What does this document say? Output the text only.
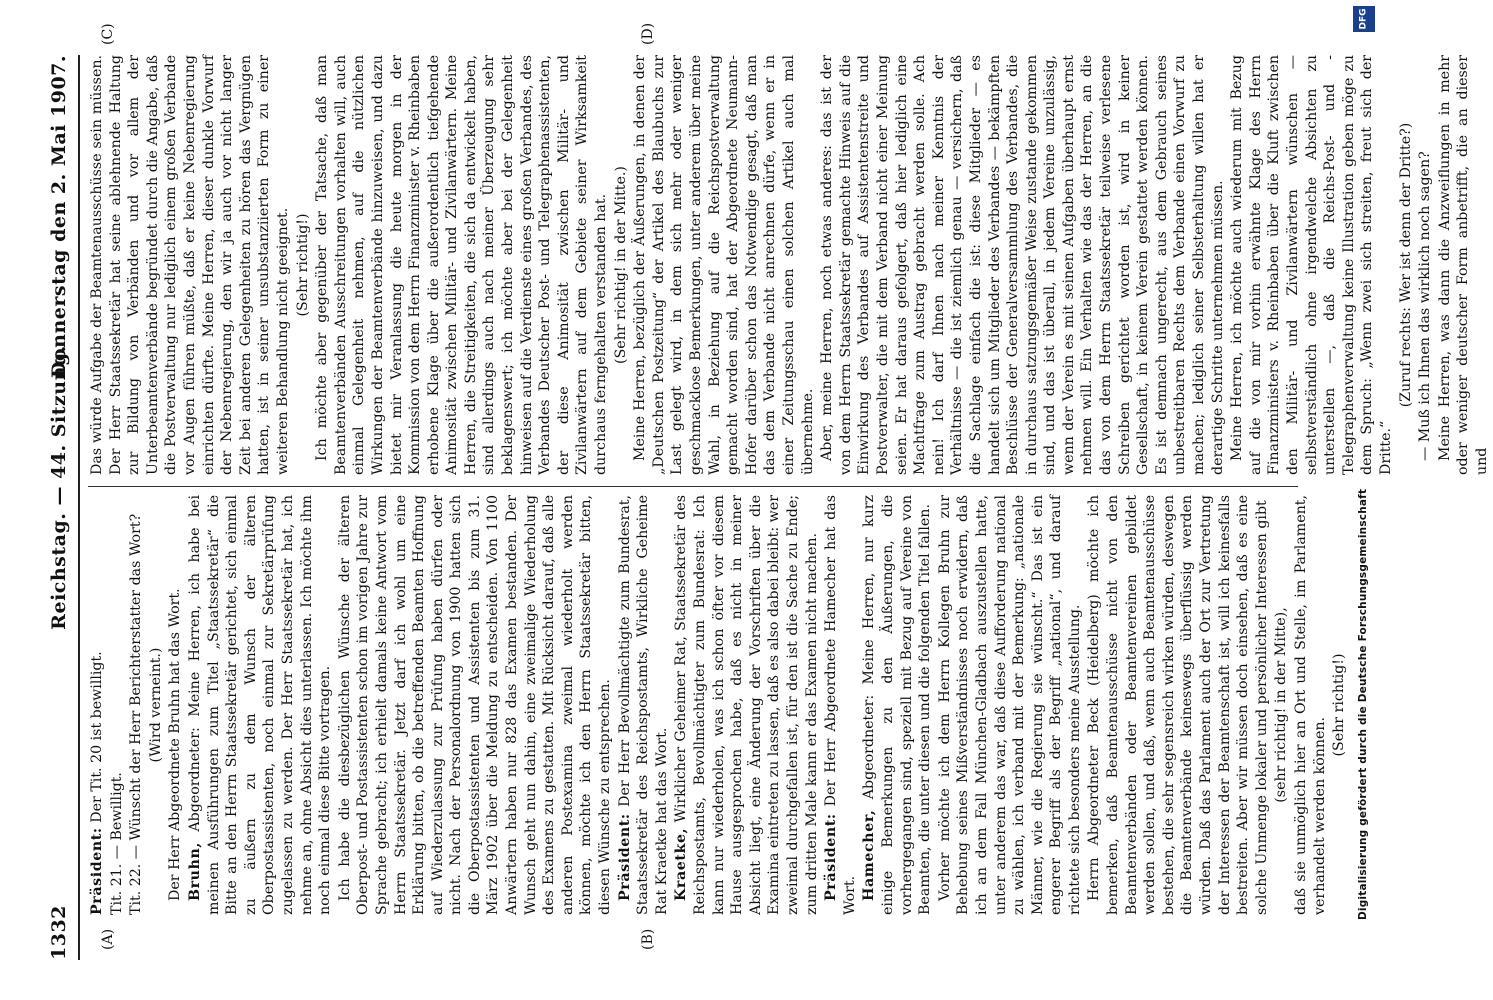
1332
Reichstag. — 44. Sitzung.
Donnerstag den 2. Mai 1907.
(A)	(B)
(C)	(D)

Präsident: Der Tit. 20 ist bewilligt.

Tit. 21. — Bewilligt. Tit. 22. — Wünscht der Herr Berichterstatter das Wort? (Wird verneint.) Der Herr Abgeordnete Bruhn hat das Wort. Bruhn, Abgeordneter: Meine Herren, ich habe bei meinen Ausführungen zum Titel „Staatssekretär“ die Bitte an den Herrn Staatssekretär gerichtet, sich einmal zu äußern zu dem Wunsch der älteren Oberpostassistenten, noch einmal zur Sekretärprüfung zugelassen zu werden. Der Herr Staatssekretär hat, ich nehme an, ohne Absicht dies unterlassen. Ich möchte ihm noch einmal diese Bitte vortragen. Ich habe die diesbezüglichen Wünsche der älteren Oberpost- und Postassistenten schon im vorigen Jahre zur Sprache gebracht; ich erhielt damals keine Antwort vom Herrn Staatssekretär. Jetzt darf ich wohl um eine Erklärung bitten, ob die betreffenden Beamten Hoffnung auf Wiederzulassung zur Prüfung haben dürfen oder nicht. Nach der Personalordnung von 1900 hatten sich die Oberpostassistenten und Assistenten bis zum 31. März 1902 über die Meldung zu entscheiden. Von 1100 Anwärtern haben nur 828 das Examen bestanden. Der Wunsch geht nun dahin, eine zweimalige Wiederholung des Examens zu gestatten. Mit Rücksicht darauf, daß alle anderen Postexamina zweimal wiederholt werden können, möchte ich den Herrn Staatssekretär bitten, diesen Wünsche zu entsprechen. Präsident: Der Herr Bevollmächtigte zum Bundesrat, Staatssekretär des Reichspostamts, Wirkliche Geheime Rat Kraetke hat das Wort. Kraetke, Wirklicher Geheimer Rat, Staatssekretär des Reichspostamts, Bevollmächtigter zum Bundesrat: Ich kann nur wiederholen, was ich schon öfter vor diesem Hause ausgesprochen habe, daß es nicht in meiner Absicht liegt, eine Änderung der Vorschriften über die Examina eintreten zu lassen, daß es also dabei bleibt: wer zweimal durchgefallen ist, für den ist die Sache zu Ende; zum dritten Male kann er das Examen nicht machen. Präsident: Der Herr Abgeordnete Hamecher hat das Wort. Hamecher, Abgeordneter: Meine Herren, nur kurz einige Bemerkungen zu den Äußerungen, die vorhergegangen sind, speziell mit Bezug auf Vereine von Beamten, die unter diesen und die folgenden Titel fallen. Vorher möchte ich dem Herrn Kollegen Bruhn zur Behebung seines Mißverständnisses noch erwidern, daß ich an dem Fall München-Gladbach auszustellen hatte, unter anderem das war, daß diese Aufforderung national zu wählen, ich verband mit der Bemerkung: „nationale Männer, wie die Regierung sie wünscht.“ Das ist ein engerer Begriff als der Begriff „national“, und darauf richtete sich besonders meine Ausstellung. Herrn Abgeordneter Beck (Heidelberg) möchte ich bemerken, daß Beamtenausschüsse nicht von den Beamtenverbänden oder Beamtenvereinen gebildet werden sollen, und daß, wenn auch Beamtenausschüsse bestehen, die sehr segensreich wirken würden, deswegen die Beamtenverbände keineswegs überflüssig werden würden. Daß das Parlament auch der Ort zur Vertretung der Interessen der Beamtenschaft ist, will ich keinesfalls bestreiten. Aber wir müssen doch einsehen, daß es eine solche Unmenge lokaler und persönlicher Interessen gibt (sehr richtig! in der Mitte), daß sie unmöglich hier an Ort und Stelle, im Parlament, verhandelt werden können.

(Sehr richtig!)

Das würde Aufgabe der Beamtenausschüsse sein müssen. Der Herr Staatssekretär hat seine ablehnende Haltung zur Bildung von Verbänden und vor allem der Unterbeamtenverbände begründet durch die Angabe, daß die Postverwaltung nur lediglich einem großen Verbande vor Augen führen müßte, daß er keine Nebenregierung einrichten dürfte. Meine Herren, dieser dunkle Vorwurf der Nebenregierung, den wir ja auch vor nicht langer Zeit bei anderen Gelegenheiten zu hören das Vergnügen hatten, ist in seiner unsubstanziierten Form zu einer weiteren Behandlung nicht geeignet. (Sehr richtig!) Ich möchte aber gegenüber der Tatsache, daß man Beamtenverbänden Ausschreitungen vorhalten will, auch einmal Gelegenheit nehmen, auf die nützlichen Wirkungen der Beamtenverbände hinzuweisen, und dazu bietet mir Veranlassung die heute morgen in der Kommission von dem Herrn Finanzminister v. Rheinbaben erhobene Klage über die außerordentlich tiefgehende Animosität zwischen Militär- und Zivilanwärtern. Meine Herren, die Streitigkeiten, die sich da entwickelt haben, sind allerdings auch nach meiner Überzeugung sehr beklagenswert; ich möchte aber bei der Gelegenheit hinweisen auf die Verdienste eines großen Verbandes, des Verbandes Deutscher Post- und Telegraphenassistenten, der diese Animosität zwischen Militär- und Zivilanwärtern auf dem Gebiete seiner Wirksamkeit durchaus ferngehalten verstanden hat. (Sehr richtig! in der Mitte.) Meine Herren, bezüglich der Äußerungen, in denen der „Deutschen Postzeitung“ der Artikel des Blaubuchs zur Last gelegt wird, in dem sich mehr oder weniger geschmacklose Bemerkungen, unter anderem über meine Wahl, in Beziehung auf die Reichspostverwaltung gemacht worden sind, hat der Abgeordnete Neumann-Hofer darüber schon das Notwendige gesagt, daß man das dem Verbande nicht anrechnen dürfe, wenn er in einer Zeitungsschau einen solchen Artikel auch mal übernehme. Aber, meine Herren, noch etwas anderes: das ist der von dem Herrn Staatssekretär gemachte Hinweis auf die Einwirkung des Verbandes auf Assistentenstreite und Postverwalter, die mit dem Verband nicht einer Meinung seien. Er hat daraus gefolgert, daß hier lediglich eine Machtfrage zum Austrag gebracht werden solle. Ach nein! Ich darf Ihnen nach meiner Kenntnis der Verhältnisse — die ist ziemlich genau — versichern, daß die Sachlage einfach die ist: diese Mitglieder — es handelt sich um Mitglieder des Verbandes — bekämpften Beschlüsse der Generalversammlung des Verbandes, die in durchaus satzungsgemäßer Weise zustande gekommen sind, und das ist überall, in jedem Vereine unzulässig, wenn der Verein es mit seinen Aufgaben überhaupt ernst nehmen will. Ein Verhalten wie das der Herren, an die das von dem Herrn Staatssekretär teilweise verlesene Schreiben gerichtet worden ist, wird in keiner Gesellschaft, in keinem Verein gestattet werden können. Es ist demnach ungerecht, aus dem Gebrauch seines unbestreitbaren Rechts dem Verbande einen Vorwurf zu machen; lediglich seiner Selbsterhaltung willen hat er derartige Schritte unternehmen müssen. Meine Herren, ich möchte auch wiederum mit Bezug auf die von mir vorhin erwähnte Klage des Herrn Finanzministers v. Rheinbaben über die Kluft zwischen den Militär- und Zivilanwärtern wünschen — selbstverständlich ohne irgendwelche Absichten zu unterstellen —, daß die Reichs-Post- und -Telegraphenverwaltung keine Illustration geben möge zu dem Spruch: „Wenn zwei sich streiten, freut sich der Dritte.“

(Zuruf rechts: Wer ist denn der Dritte?) — Muß ich Ihnen das wirklich noch sagen? Meine Herren, was dann die Anzweiflungen in mehr oder weniger deutscher Form anbetrifft, die an dieser und

DFG
Digitalisierung gefördert durch die Deutsche Forschungsgemeinschaft
